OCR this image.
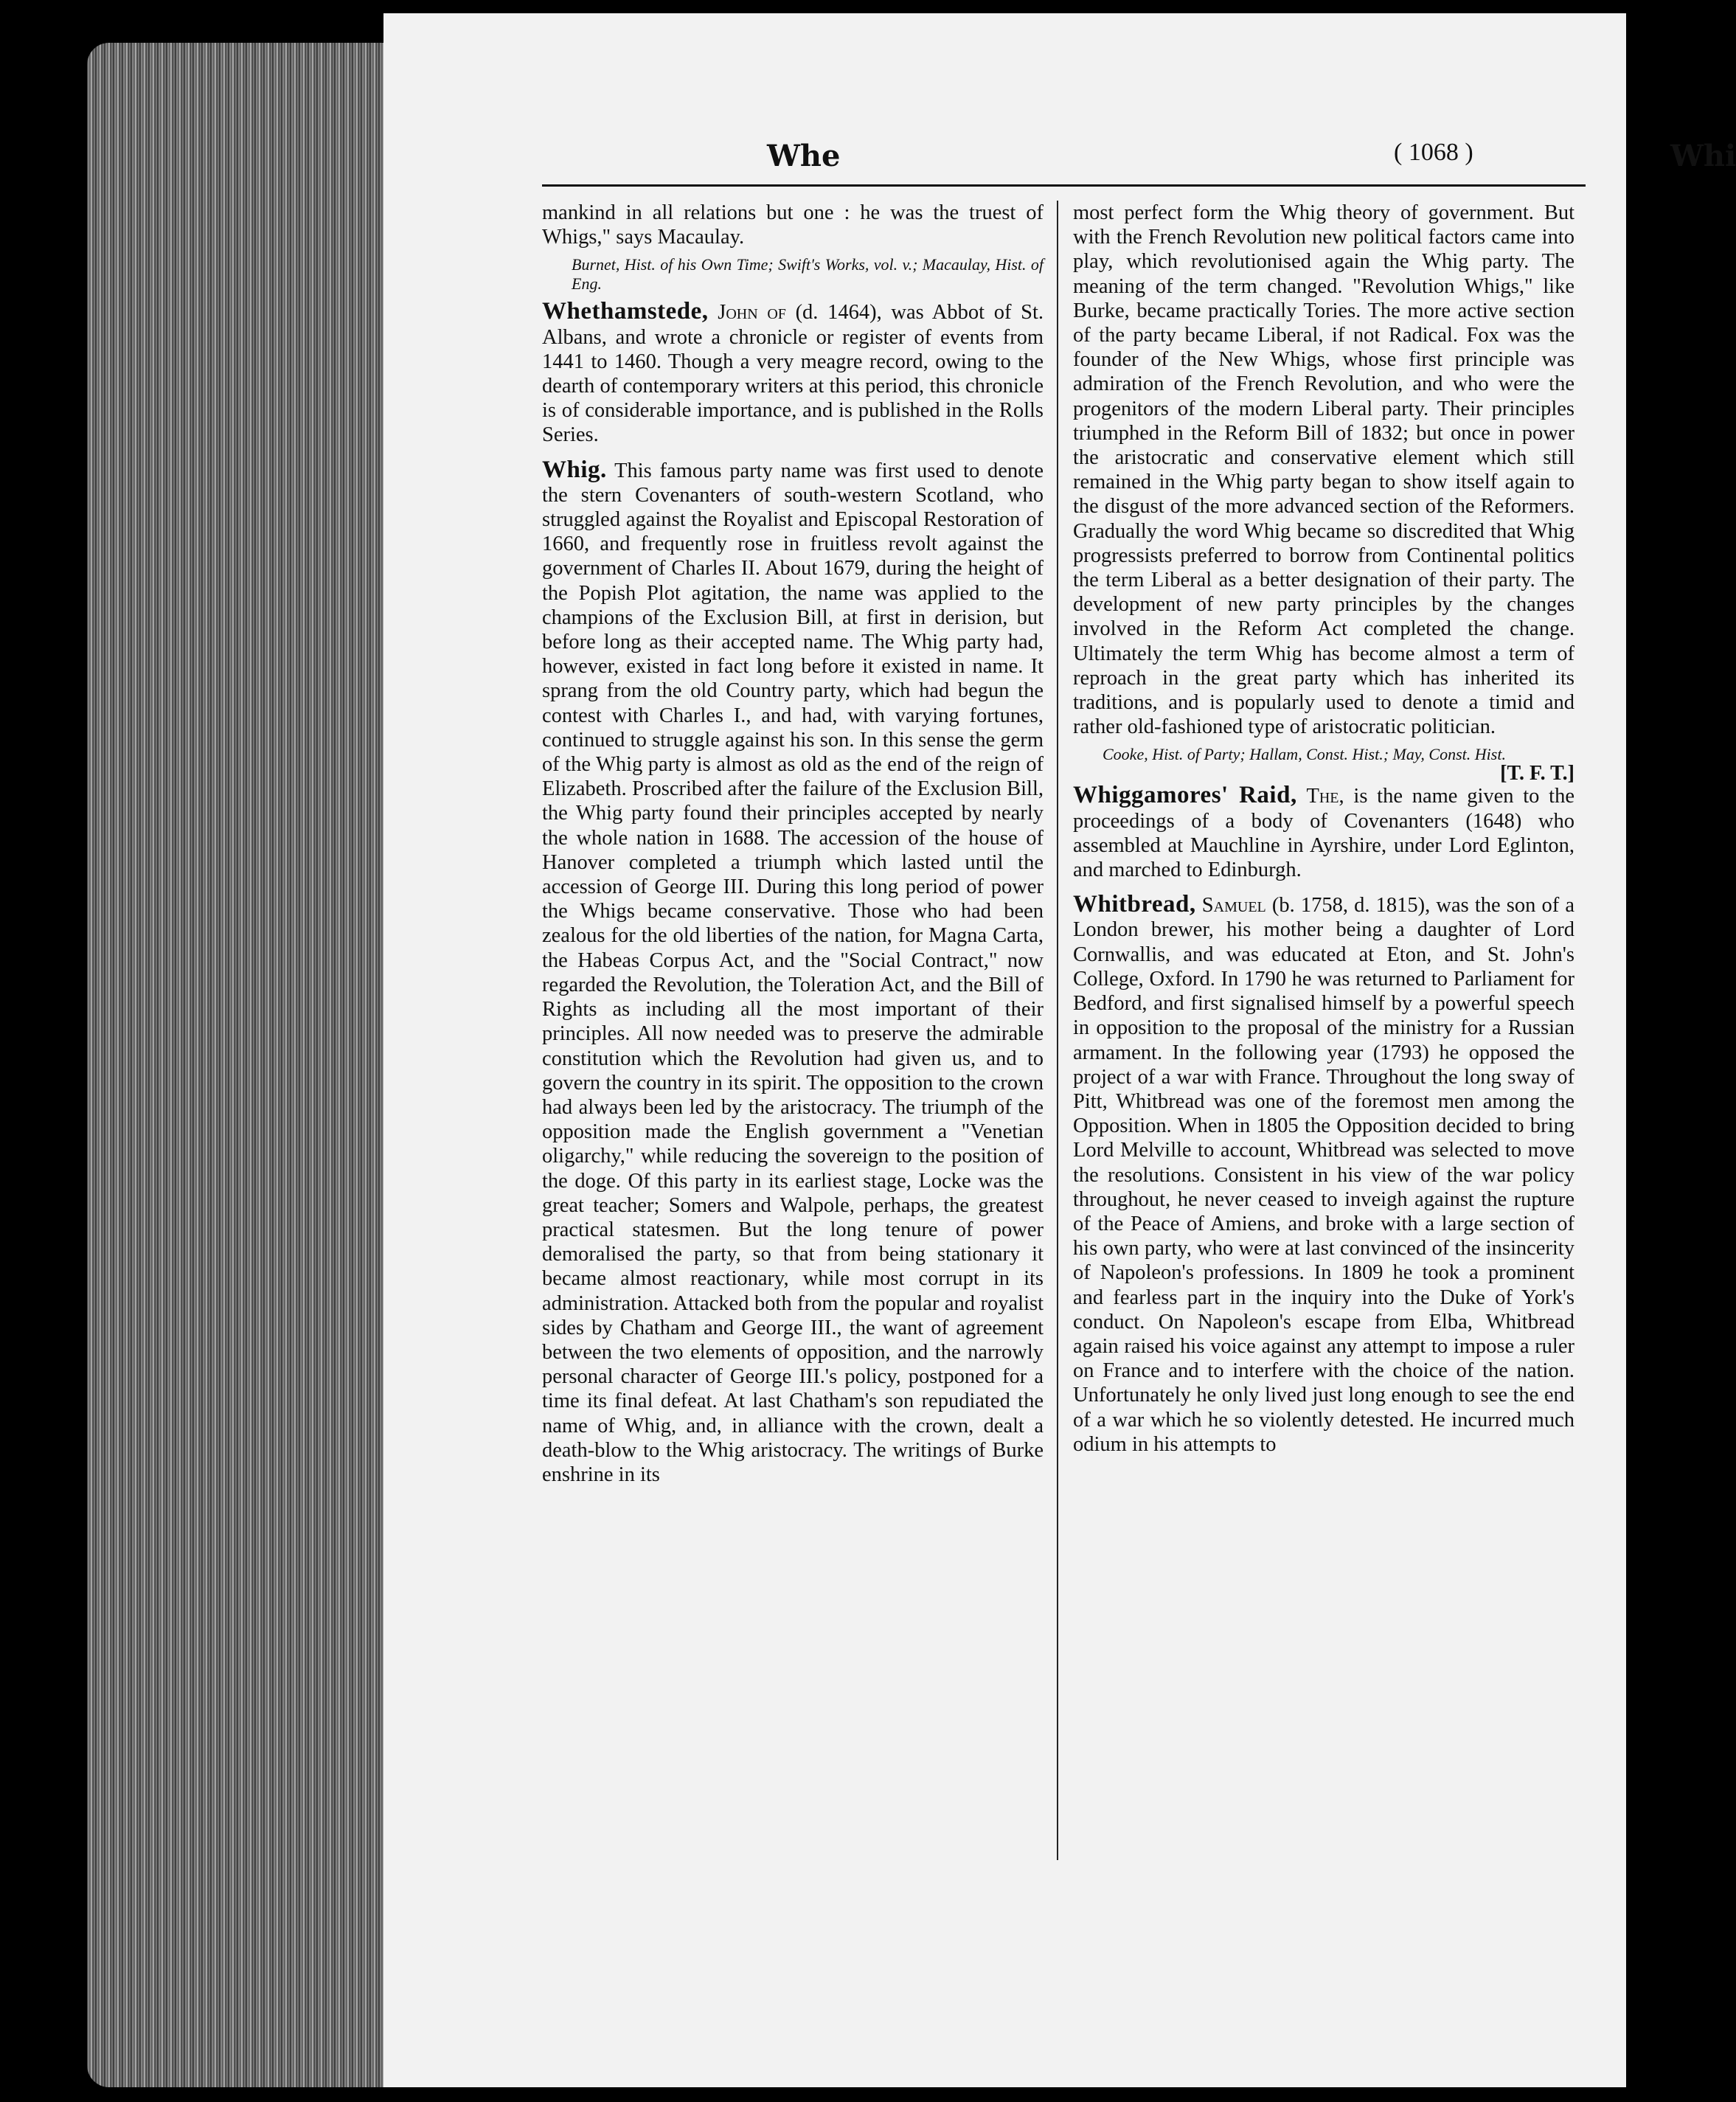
Whe	( 1068 )	Whi

mankind in all relations but one : he was the truest of Whigs," says Macaulay.

Burnet, Hist. of his Own Time; Swift's Works, vol. v.; Macaulay, Hist. of Eng.

Whethamstede, John of (d. 1464), was Abbot of St. Albans, and wrote a chronicle or register of events from 1441 to 1460. Though a very meagre record, owing to the dearth of contemporary writers at this period, this chronicle is of considerable importance, and is published in the Rolls Series.

Whig. This famous party name was first used to denote the stern Covenanters of south-western Scotland, who struggled against the Royalist and Episcopal Restoration of 1660, and frequently rose in fruitless revolt against the government of Charles II. About 1679, during the height of the Popish Plot agitation, the name was applied to the champions of the Exclusion Bill, at first in derision, but before long as their accepted name. The Whig party had, however, existed in fact long before it existed in name. It sprang from the old Country party, which had begun the contest with Charles I., and had, with varying fortunes, continued to struggle against his son. In this sense the germ of the Whig party is almost as old as the end of the reign of Elizabeth. Proscribed after the failure of the Exclusion Bill, the Whig party found their principles accepted by nearly the whole nation in 1688. The accession of the house of Hanover completed a triumph which lasted until the accession of George III. During this long period of power the Whigs became conservative. Those who had been zealous for the old liberties of the nation, for Magna Carta, the Habeas Corpus Act, and the "Social Contract," now regarded the Revolution, the Toleration Act, and the Bill of Rights as including all the most important of their principles. All now needed was to preserve the admirable constitution which the Revolution had given us, and to govern the country in its spirit. The opposition to the crown had always been led by the aristocracy. The triumph of the opposition made the English government a "Venetian oligarchy," while reducing the sovereign to the position of the doge. Of this party in its earliest stage, Locke was the great teacher; Somers and Walpole, perhaps, the greatest practical statesmen. But the long tenure of power demoralised the party, so that from being stationary it became almost reactionary, while most corrupt in its administration. Attacked both from the popular and royalist sides by Chatham and George III., the want of agreement between the two elements of opposition, and the narrowly personal character of George III.'s policy, postponed for a time its final defeat. At last Chatham's son repudiated the name of Whig, and, in alliance with the crown, dealt a death-blow to the Whig aristocracy. The writings of Burke enshrine in its

most perfect form the Whig theory of government. But with the French Revolution new political factors came into play, which revolutionised again the Whig party. The meaning of the term changed. "Revolution Whigs," like Burke, became practically Tories. The more active section of the party became Liberal, if not Radical. Fox was the founder of the New Whigs, whose first principle was admiration of the French Revolution, and who were the progenitors of the modern Liberal party. Their principles triumphed in the Reform Bill of 1832; but once in power the aristocratic and conservative element which still remained in the Whig party began to show itself again to the disgust of the more advanced section of the Reformers. Gradually the word Whig became so discredited that Whig progressists preferred to borrow from Continental politics the term Liberal as a better designation of their party. The development of new party principles by the changes involved in the Reform Act completed the change. Ultimately the term Whig has become almost a term of reproach in the great party which has inherited its traditions, and is popularly used to denote a timid and rather old-fashioned type of aristocratic politician.

Cooke, Hist. of Party; Hallam, Const. Hist.; May, Const. Hist.
[T. F. T.]

Whiggamores' Raid, The, is the name given to the proceedings of a body of Covenanters (1648) who assembled at Mauchline in Ayrshire, under Lord Eglinton, and marched to Edinburgh.

Whitbread, Samuel (b. 1758, d. 1815), was the son of a London brewer, his mother being a daughter of Lord Cornwallis, and was educated at Eton, and St. John's College, Oxford. In 1790 he was returned to Parliament for Bedford, and first signalised himself by a powerful speech in opposition to the proposal of the ministry for a Russian armament. In the following year (1793) he opposed the project of a war with France. Throughout the long sway of Pitt, Whitbread was one of the foremost men among the Opposition. When in 1805 the Opposition decided to bring Lord Melville to account, Whitbread was selected to move the resolutions. Consistent in his view of the war policy throughout, he never ceased to inveigh against the rupture of the Peace of Amiens, and broke with a large section of his own party, who were at last convinced of the insincerity of Napoleon's professions. In 1809 he took a prominent and fearless part in the inquiry into the Duke of York's conduct. On Napoleon's escape from Elba, Whitbread again raised his voice against any attempt to impose a ruler on France and to interfere with the choice of the nation. Unfortunately he only lived just long enough to see the end of a war which he so violently detested. He incurred much odium in his attempts to
